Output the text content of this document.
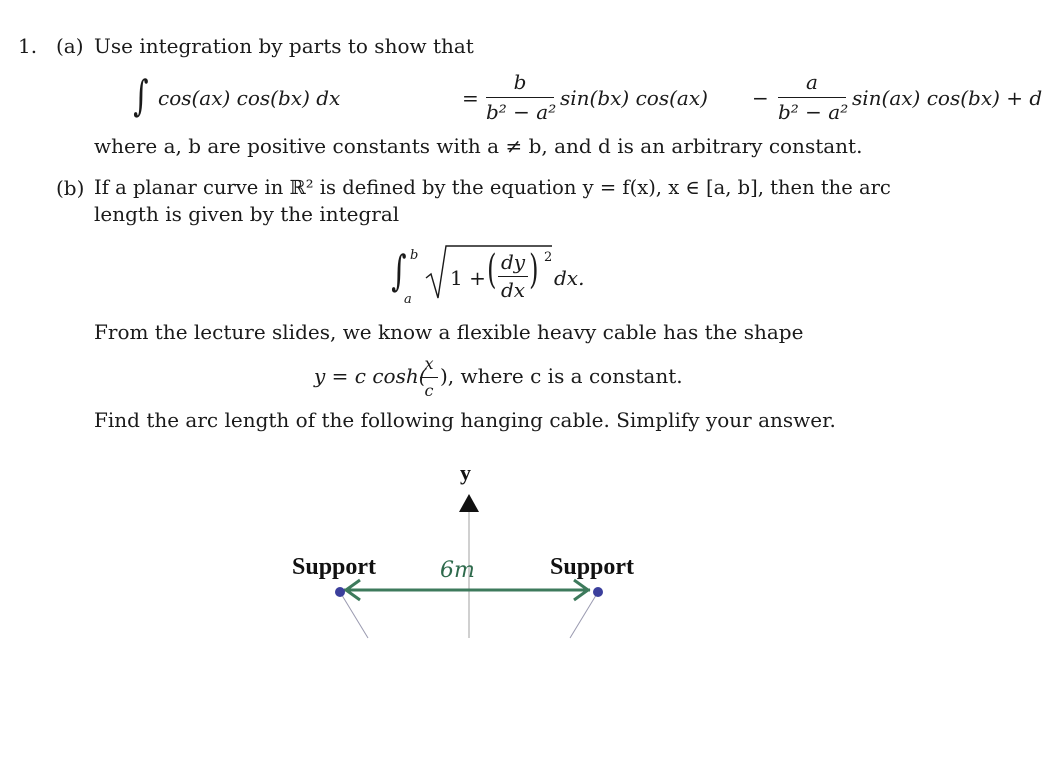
1. (a) Use integration by parts to show that
∫ cos(ax) cos(bx) dx	= $\frac{b}{\text{b² − a²}} \sin(bx) \cos(ax) - \frac{a}{\text{b² − a²}} \sin(ax) \cos(bx) + d$
where a, b are positive constants with a ≠ b, and d is an arbitrary constant.
(b) If a planar curve in ℝ² is defined by the equation y = f(x), x ∈ [a, b], then the arc
length is given by the integral
∫ b
a
1 + ( $\frac{dy}{dx}$ ) 2
dx.
From the lecture slides, we know a flexible heavy cable has the shape
y = c cosh(
$\frac{x}{c}$ ), where c is a constant.
Find the arc length of the following hanging cable. Simplify your answer.
y
Support	Support
6m
